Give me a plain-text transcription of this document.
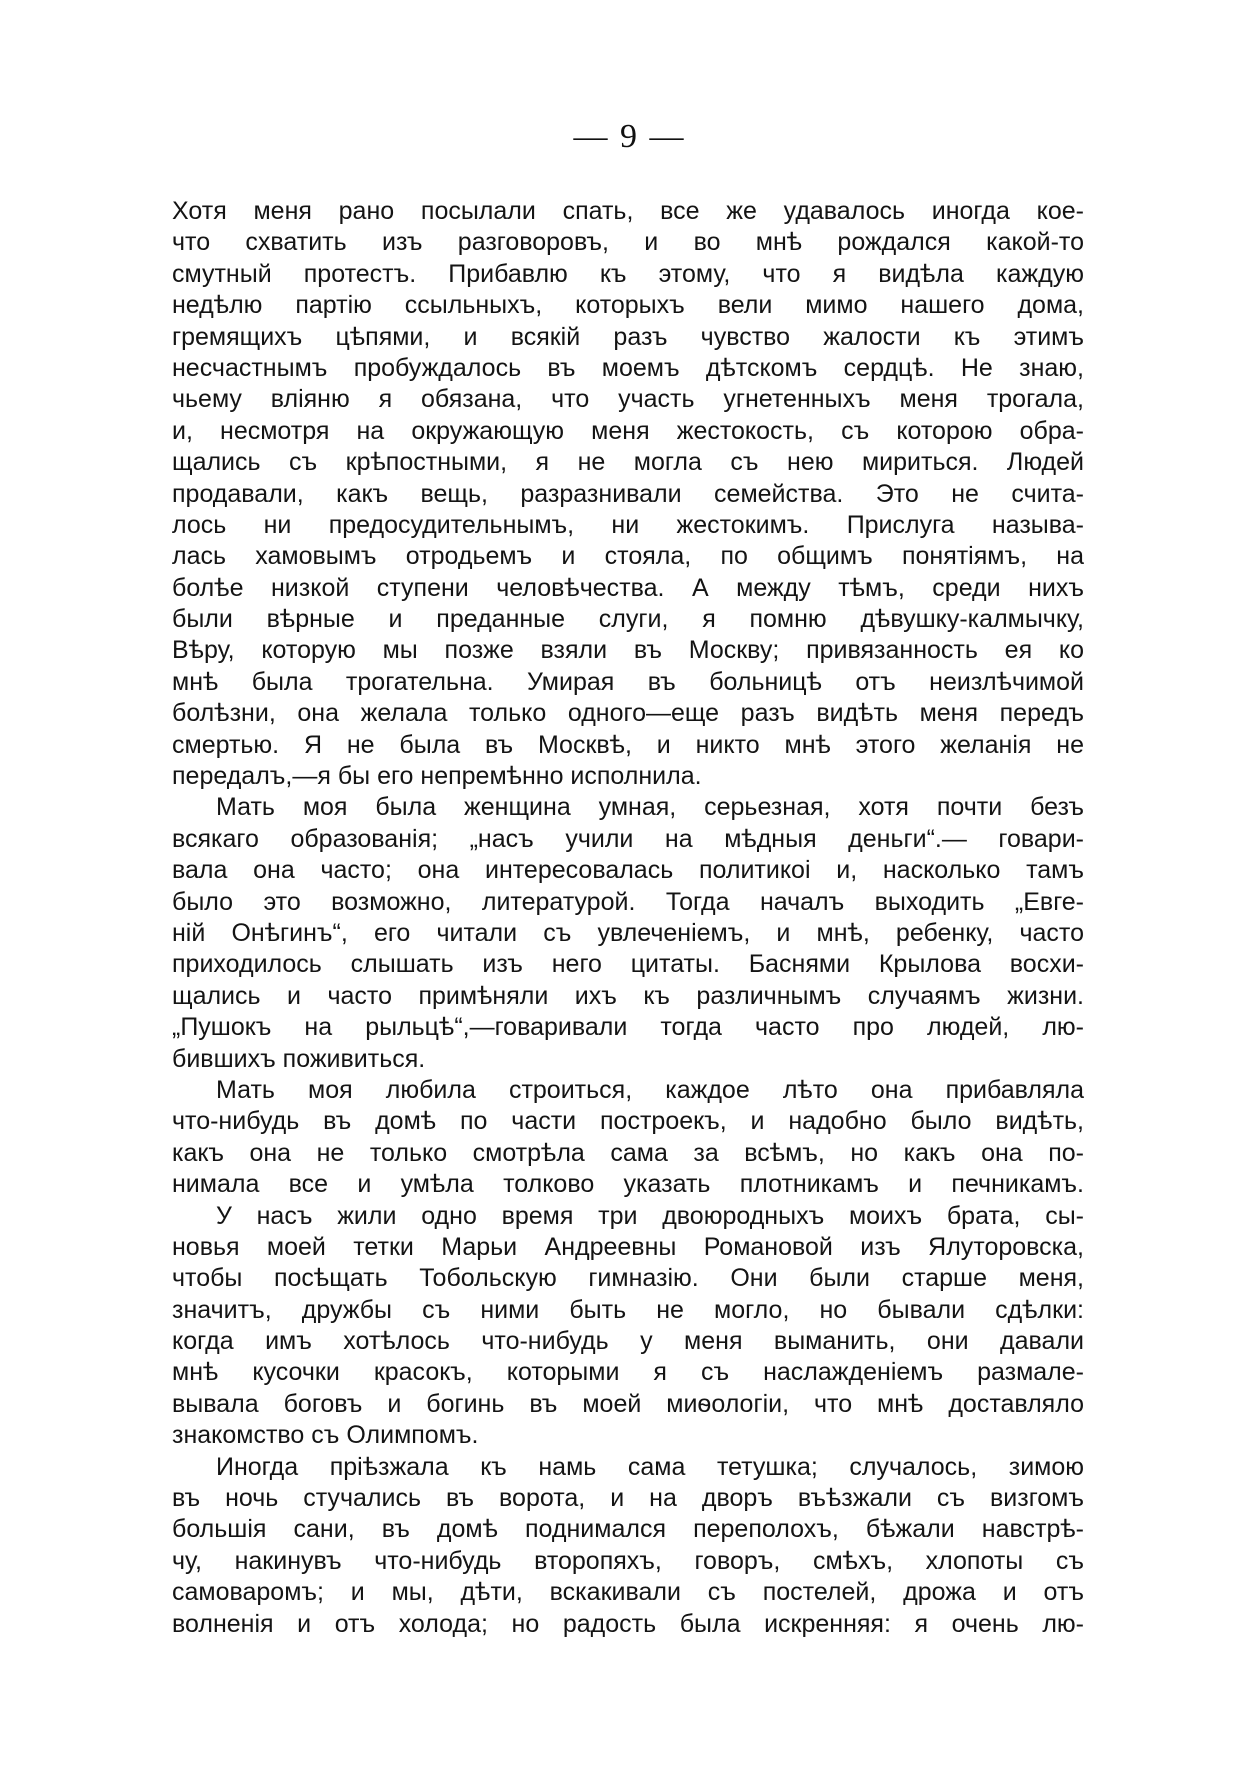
— 9 —
Хотя меня рано посылали спать, все же удавалось иногда кое-
что схватить изъ разговоровъ, и во мнѣ рождался какой-то
смутный протестъ. Прибавлю къ этому, что я видѣла каждую
недѣлю партію ссыльныхъ, которыхъ вели мимо нашего дома,
гремящихъ цѣпями, и всякій разъ чувство жалости къ этимъ
несчастнымъ пробуждалось въ моемъ дѣтскомъ сердцѣ. Не знаю,
чьему вліяню я обязана, что участь угнетенныхъ меня трогала,
и, несмотря на окружающую меня жестокость, съ которою обра-
щались съ крѣпостными, я не могла съ нею мириться. Людей
продавали, какъ вещь, разразнивали семейства. Это не счита-
лось ни предосудительнымъ, ни жестокимъ. Прислуга называ-
лась хамовымъ отродьемъ и стояла, по общимъ понятіямъ, на
болѣе низкой ступени человѣчества. А между тѣмъ, среди нихъ
были вѣрные и преданные слуги, я помню дѣвушку-калмычку,
Вѣру, которую мы позже взяли въ Москву; привязанность ея ко
мнѣ была трогательна. Умирая въ больницѣ отъ неизлѣчимой
болѣзни, она желала только одного—еще разъ видѣть меня передъ
смертью. Я не была въ Москвѣ, и никто мнѣ этого желанія не
передалъ,—я бы его непремѣнно исполнила.
Мать моя была женщина умная, серьезная, хотя почти безъ
всякаго образованія; „насъ учили на мѣдныя деньги“.— говари-
вала она часто; она интересовалась политикоі и, насколько тамъ
было это возможно, литературой. Тогда началъ выходить „Евге-
ній Онѣгинъ“, его читали съ увлеченіемъ, и мнѣ, ребенку, часто
приходилось слышать изъ него цитаты. Баснями Крылова восхи-
щались и часто примѣняли ихъ къ различнымъ случаямъ жизни.
„Пушокъ на рыльцѣ“,—говаривали тогда часто про людей, лю-
бившихъ поживиться.
Мать моя любила строиться, каждое лѣто она прибавляла
что-нибудь въ домѣ по части построекъ, и надобно было видѣть,
какъ она не только смотрѣла сама за всѣмъ, но какъ она по-
нимала все и умѣла толково указать плотникамъ и печникамъ.
У насъ жили одно время три двоюродныхъ моихъ брата, сы-
новья моей тетки Марьи Андреевны Романовой изъ Ялуторовска,
чтобы посѣщать Тобольскую гимназію. Они были старше меня,
значитъ, дружбы съ ними быть не могло, но бывали сдѣлки:
когда имъ хотѣлось что-нибудь у меня выманить, они давали
мнѣ кусочки красокъ, которыми я съ наслажденіемъ размале-
вывала боговъ и богинь въ моей миѳологіи, что мнѣ доставляло
знакомство съ Олимпомъ.
Иногда пріѣзжала къ намь сама тетушка; случалось, зимою
въ ночь стучались въ ворота, и на дворъ въѣзжали съ визгомъ
большія сани, въ домѣ поднимался переполохъ, бѣжали навстрѣ-
чу, накинувъ что-нибудь второпяхъ, говоръ, смѣхъ, хлопоты съ
самоваромъ; и мы, дѣти, вскакивали съ постелей, дрожа и отъ
волненія и отъ холода; но радость была искренняя: я очень лю-
